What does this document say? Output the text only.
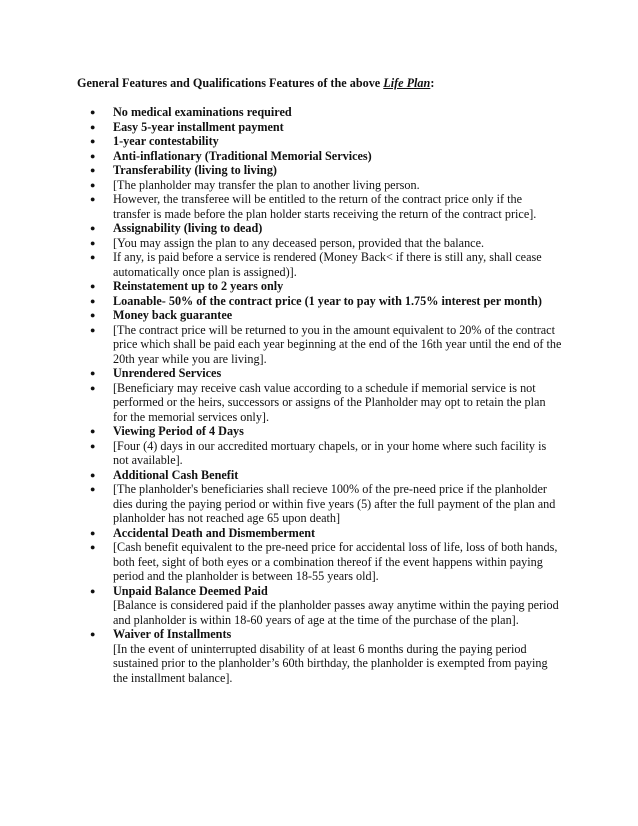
General Features and Qualifications Features of the above Life Plan:
●	No medical examinations required
●	Easy 5-year installment payment
●	1-year contestability
●	Anti-inflationary (Traditional Memorial Services)
●	Transferability (living to living)
●	[The planholder may transfer the plan to another living person.
●	However, the transferee will be entitled to the return of the contract price only if the transfer is made before the plan holder starts receiving the return of the contract price].
●	Assignability (living to dead)
●	[You may assign the plan to any deceased person, provided that the balance.
●	If any, is paid before a service is rendered (Money Back< if there is still any, shall cease automatically once plan is assigned)].
●	Reinstatement up to 2 years only
●	Loanable- 50% of the contract price (1 year to pay with 1.75% interest per month)
●	Money back guarantee
●	[The contract price will be returned to you in the amount equivalent to 20% of the contract price which shall be paid each year beginning at the end of the 16th year until the end of the 20th year while you are living].
●	Unrendered Services
●	[Beneficiary may receive cash value according to a schedule if memorial service is not performed or the heirs, successors or assigns of the Planholder may opt to retain the plan for the memorial services only].
●	Viewing Period of 4 Days
●	[Four (4) days in our accredited mortuary chapels, or in your home where such facility is not available].
●	Additional Cash Benefit
●	[The planholder's beneficiaries shall recieve 100% of the pre-need price if the planholder dies during the paying period or within five years (5) after the full payment of the plan and planholder has not reached age 65 upon death]
●	Accidental Death and Dismemberment
●	[Cash benefit equivalent to the pre-need price for accidental loss of life, loss of both hands, both feet, sight of both eyes or a combination thereof if the event happens within paying period and the planholder is between 18-55 years old].
●	Unpaid Balance Deemed Paid
[Balance is considered paid if the planholder passes away anytime within the paying period and planholder is within 18-60 years of age at the time of the purchase of the plan].
●	Waiver of Installments
[In the event of uninterrupted disability of at least 6 months during the paying period sustained prior to the planholder’s 60th birthday, the planholder is exempted from paying the installment balance].
